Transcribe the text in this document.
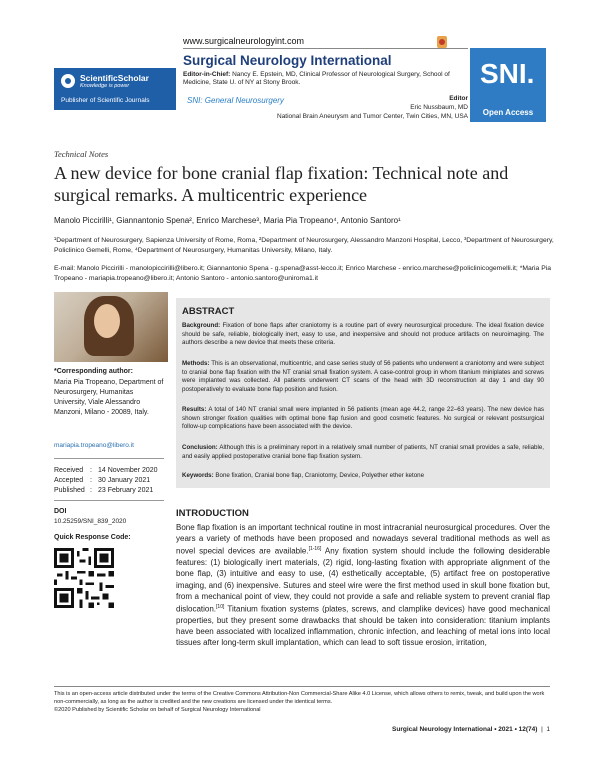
ScientificScholar
Knowledge is power
Publisher of Scientific Journals
www.surgicalneurologyint.com
Surgical Neurology International
Editor-in-Chief: Nancy E. Epstein, MD, Clinical Professor of Neurological Surgery, School of Medicine, State U. of NY at Stony Brook.
SNI: General Neurosurgery	Editor
Eric Nussbaum, MD
National Brain Aneurysm and Tumor Center, Twin Cities, MN, USA
SNI.
Open Access
Technical Notes
A new device for bone cranial flap fixation: Technical note and surgical remarks. A multicentric experience
Manolo Piccirilli¹, Giannantonio Spena², Enrico Marchese³, Maria Pia Tropeano⁴, Antonio Santoro¹
¹Department of Neurosurgery, Sapienza University of Rome, Roma, ²Department of Neurosurgery, Alessandro Manzoni Hospital, Lecco, ³Department of Neurosurgery, Policlinico Gemelli, Rome, ⁴Department of Neurosurgery, Humanitas University, Milano, Italy.
E-mail: Manolo Piccirilli - manolopiccirilli@libero.it; Giannantonio Spena - g.spena@asst-lecco.it; Enrico Marchese - enrico.marchese@policlinicogemelli.it; *Maria Pia Tropeano - mariapia.tropeano@libero.it; Antonio Santoro - antonio.santoro@uniroma1.it
*Corresponding author:
Maria Pia Tropeano, Department of Neurosurgery, Humanitas University, Viale Alessandro Manzoni, Milano - 20089, Italy.
mariapia.tropeano@libero.it
Received : 14 November 2020
Accepted : 30 January 2021
Published : 23 February 2021
DOI
10.25259/SNI_839_2020
Quick Response Code:
ABSTRACT
Background: Fixation of bone flaps after craniotomy is a routine part of every neurosurgical procedure. The ideal fixation device should be safe, reliable, biologically inert, easy to use, and inexpensive and should not produce artifacts on neuroimaging. The authors describe a new device that meets these criteria.
Methods: This is an observational, multicentric, and case series study of 56 patients who underwent a craniotomy and were subject to cranial bone flap fixation with the NT cranial small fixation system. A case-control group in whom titanium miniplates and screws were implanted was collected. All patients underwent CT scans of the head with 3D reconstruction at day 1 and day 90 postoperatively to evaluate bone flap position and fusion.
Results: A total of 140 NT cranial small were implanted in 56 patients (mean age 44.2, range 22–63 years). The new device has shown stronger fixation qualities with optimal bone flap fusion and good cosmetic features. No surgical or relevant postsurgical follow-up complications have been associated with the device.
Conclusion: Although this is a preliminary report in a relatively small number of patients, NT cranial small provides a safe, reliable, and easily applied postoperative cranial bone flap fixation system.
Keywords: Bone fixation, Cranial bone flap, Craniotomy, Device, Polyether ether ketone
INTRODUCTION
Bone flap fixation is an important technical routine in most intracranial neurosurgical procedures. Over the years a variety of methods have been proposed and nowadays several traditional methods as well as novel special devices are available.[1-16] Any fixation system should include the following desiderable features: (1) biologically inert materials, (2) rigid, long-lasting fixation with appropriate alignment of the bone flap, (3) intuitive and easy to use, (4) esthetically acceptable, (5) artifact free on postoperative imaging, and (6) inexpensive. Sutures and steel wire were the first method used in skull bone fixation but, from a mechanical point of view, they could not provide a safe and reliable system to prevent cranial flap dislocation.[10] Titanium fixation systems (plates, screws, and clamplike devices) have good mechanical properties, but they present some drawbacks that should be taken into consideration: titanium implants have been associated with localized inflammation, chronic infection, and leaching of metal ions into local tissues after long-term skull implantation, which can lead to soft tissue erosion, irritation,
This is an open-access article distributed under the terms of the Creative Commons Attribution-Non Commercial-Share Alike 4.0 License, which allows others to remix, tweak, and build upon the work non-commercially, as long as the author is credited and the new creations are licensed under the identical terms.
©2020 Published by Scientific Scholar on behalf of Surgical Neurology International
Surgical Neurology International • 2021 • 12(74)  |  1
